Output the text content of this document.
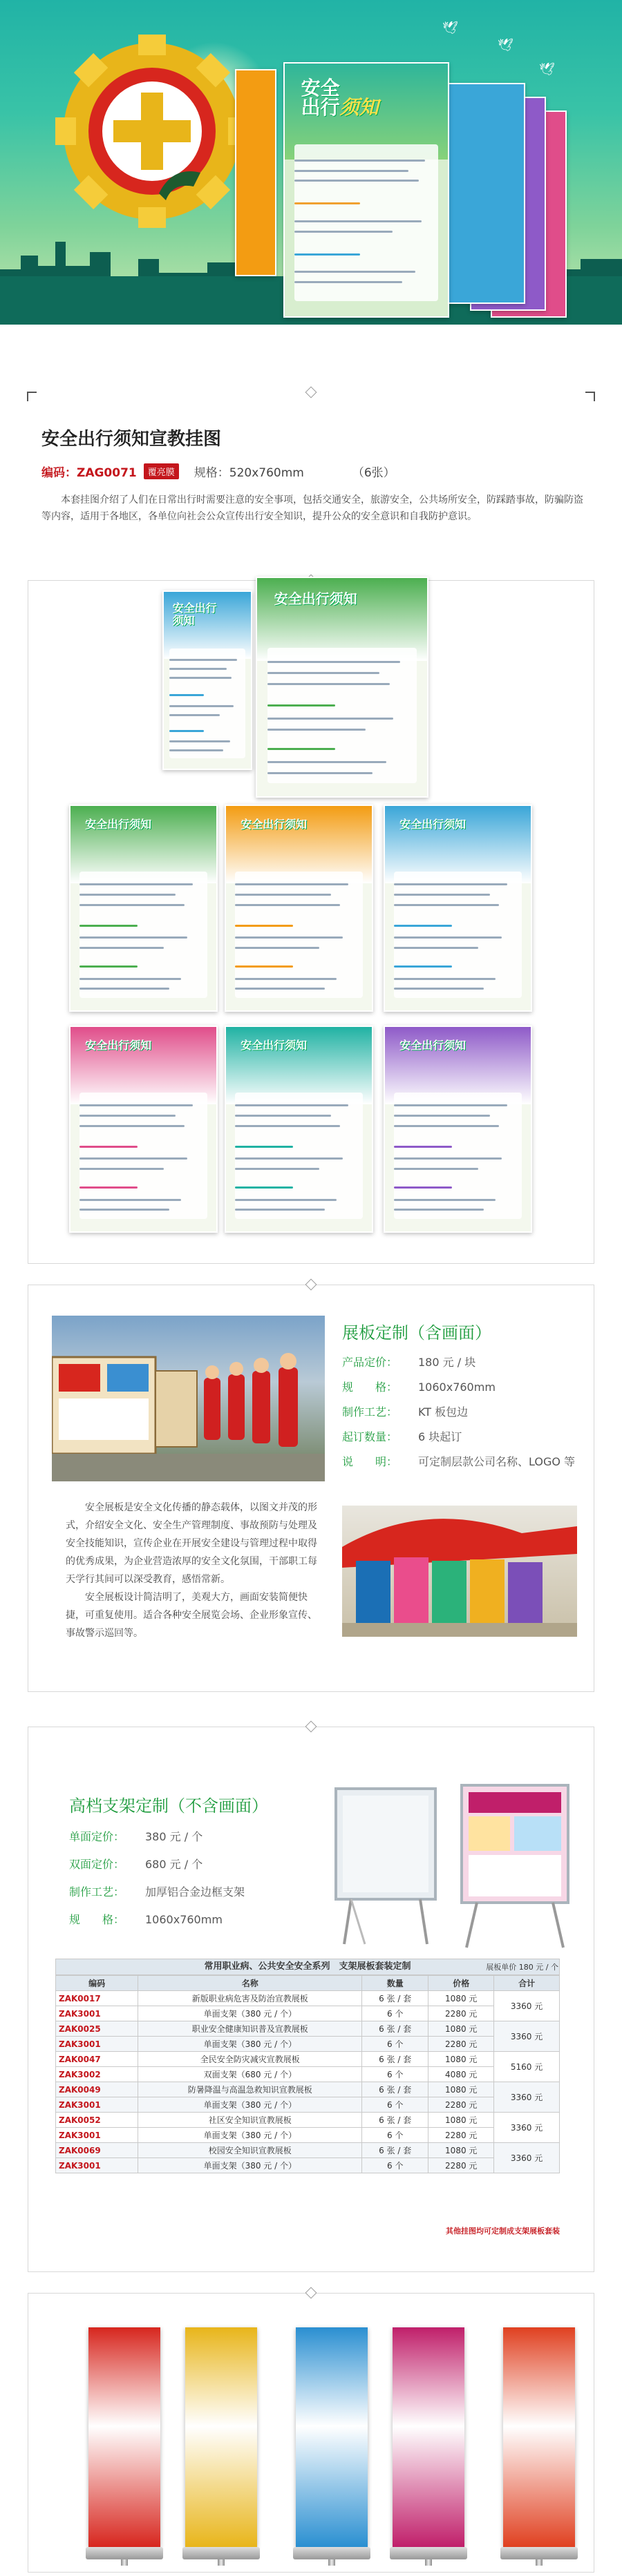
🕊
🕊
🕊
安全
出行须知
安全出行须知宣教挂图
编码：ZAG0071	覆亮膜	规格：520x760mm	（6张）
本套挂图介绍了人们在日常出行时需要注意的安全事项，包括交通安全，旅游安全，公共场所安全，防踩踏事故，防骗防盗等内容，适用于各地区，各单位向社会公众宣传出行安全知识，提升公众的安全意识和自我防护意识。
安全出行须知
安全出行须知
安全出行须知	安全出行须知	安全出行须知
安全出行须知	安全出行须知	安全出行须知
展板定制（含画面）
产品定价： 180 元 / 块
规　　格： 1060x760mm
制作工艺： KT 板包边
起订数量： 6 块起订
说　　明： 可定制层款公司名称、LOGO 等
安全展板是安全文化传播的静态载体，以图文并茂的形式，介绍安全文化、安全生产管理制度、事故预防与处理及安全技能知识，宣传企业在开展安全建设与管理过程中取得的优秀成果，为企业营造浓厚的安全文化氛围，干部职工每天学行其间可以深受教育，感悟常新。
安全展板设计简洁明了，美观大方，画面安装简便快捷，可重复使用。适合各种安全展览会场、企业形象宣传、事故警示巡回等。
高档支架定制（不含画面）
单面定价： 380 元 / 个
双面定价： 680 元 / 个
制作工艺： 加厚铝合金边框支架
规　　格： 1060x760mm
常用职业病、公共安全安全系列　支架展板套装定制	展板单价 180 元 / 个
编码	名称	数量	价格	合计
ZAK0017	新版职业病危害及防治宣教展板	6 张 / 套	1080 元	3360 元
ZAK3001	单面支架（380 元 / 个）	6 个	2280 元	
ZAK0025	职业安全健康知识普及宣教展板	6 张 / 套	1080 元	3360 元
ZAK3001	单面支架（380 元 / 个）	6 个	2280 元	
ZAK0047	全民安全防灾减灾宣教展板	6 张 / 套	1080 元	5160 元
ZAK3002	双面支架（680 元 / 个）	6 个	4080 元	
ZAK0049	防暑降温与高温急救知识宣教展板	6 张 / 套	1080 元	3360 元
ZAK3001	单面支架（380 元 / 个）	6 个	2280 元	
ZAK0052	社区安全知识宣教展板	6 张 / 套	1080 元	3360 元
ZAK3001	单面支架（380 元 / 个）	6 个	2280 元	
ZAK0069	校园安全知识宣教展板	6 张 / 套	1080 元	3360 元
ZAK3001	单面支架（380 元 / 个）	6 个	2280 元	
其他挂图均可定制成支架展板套装
